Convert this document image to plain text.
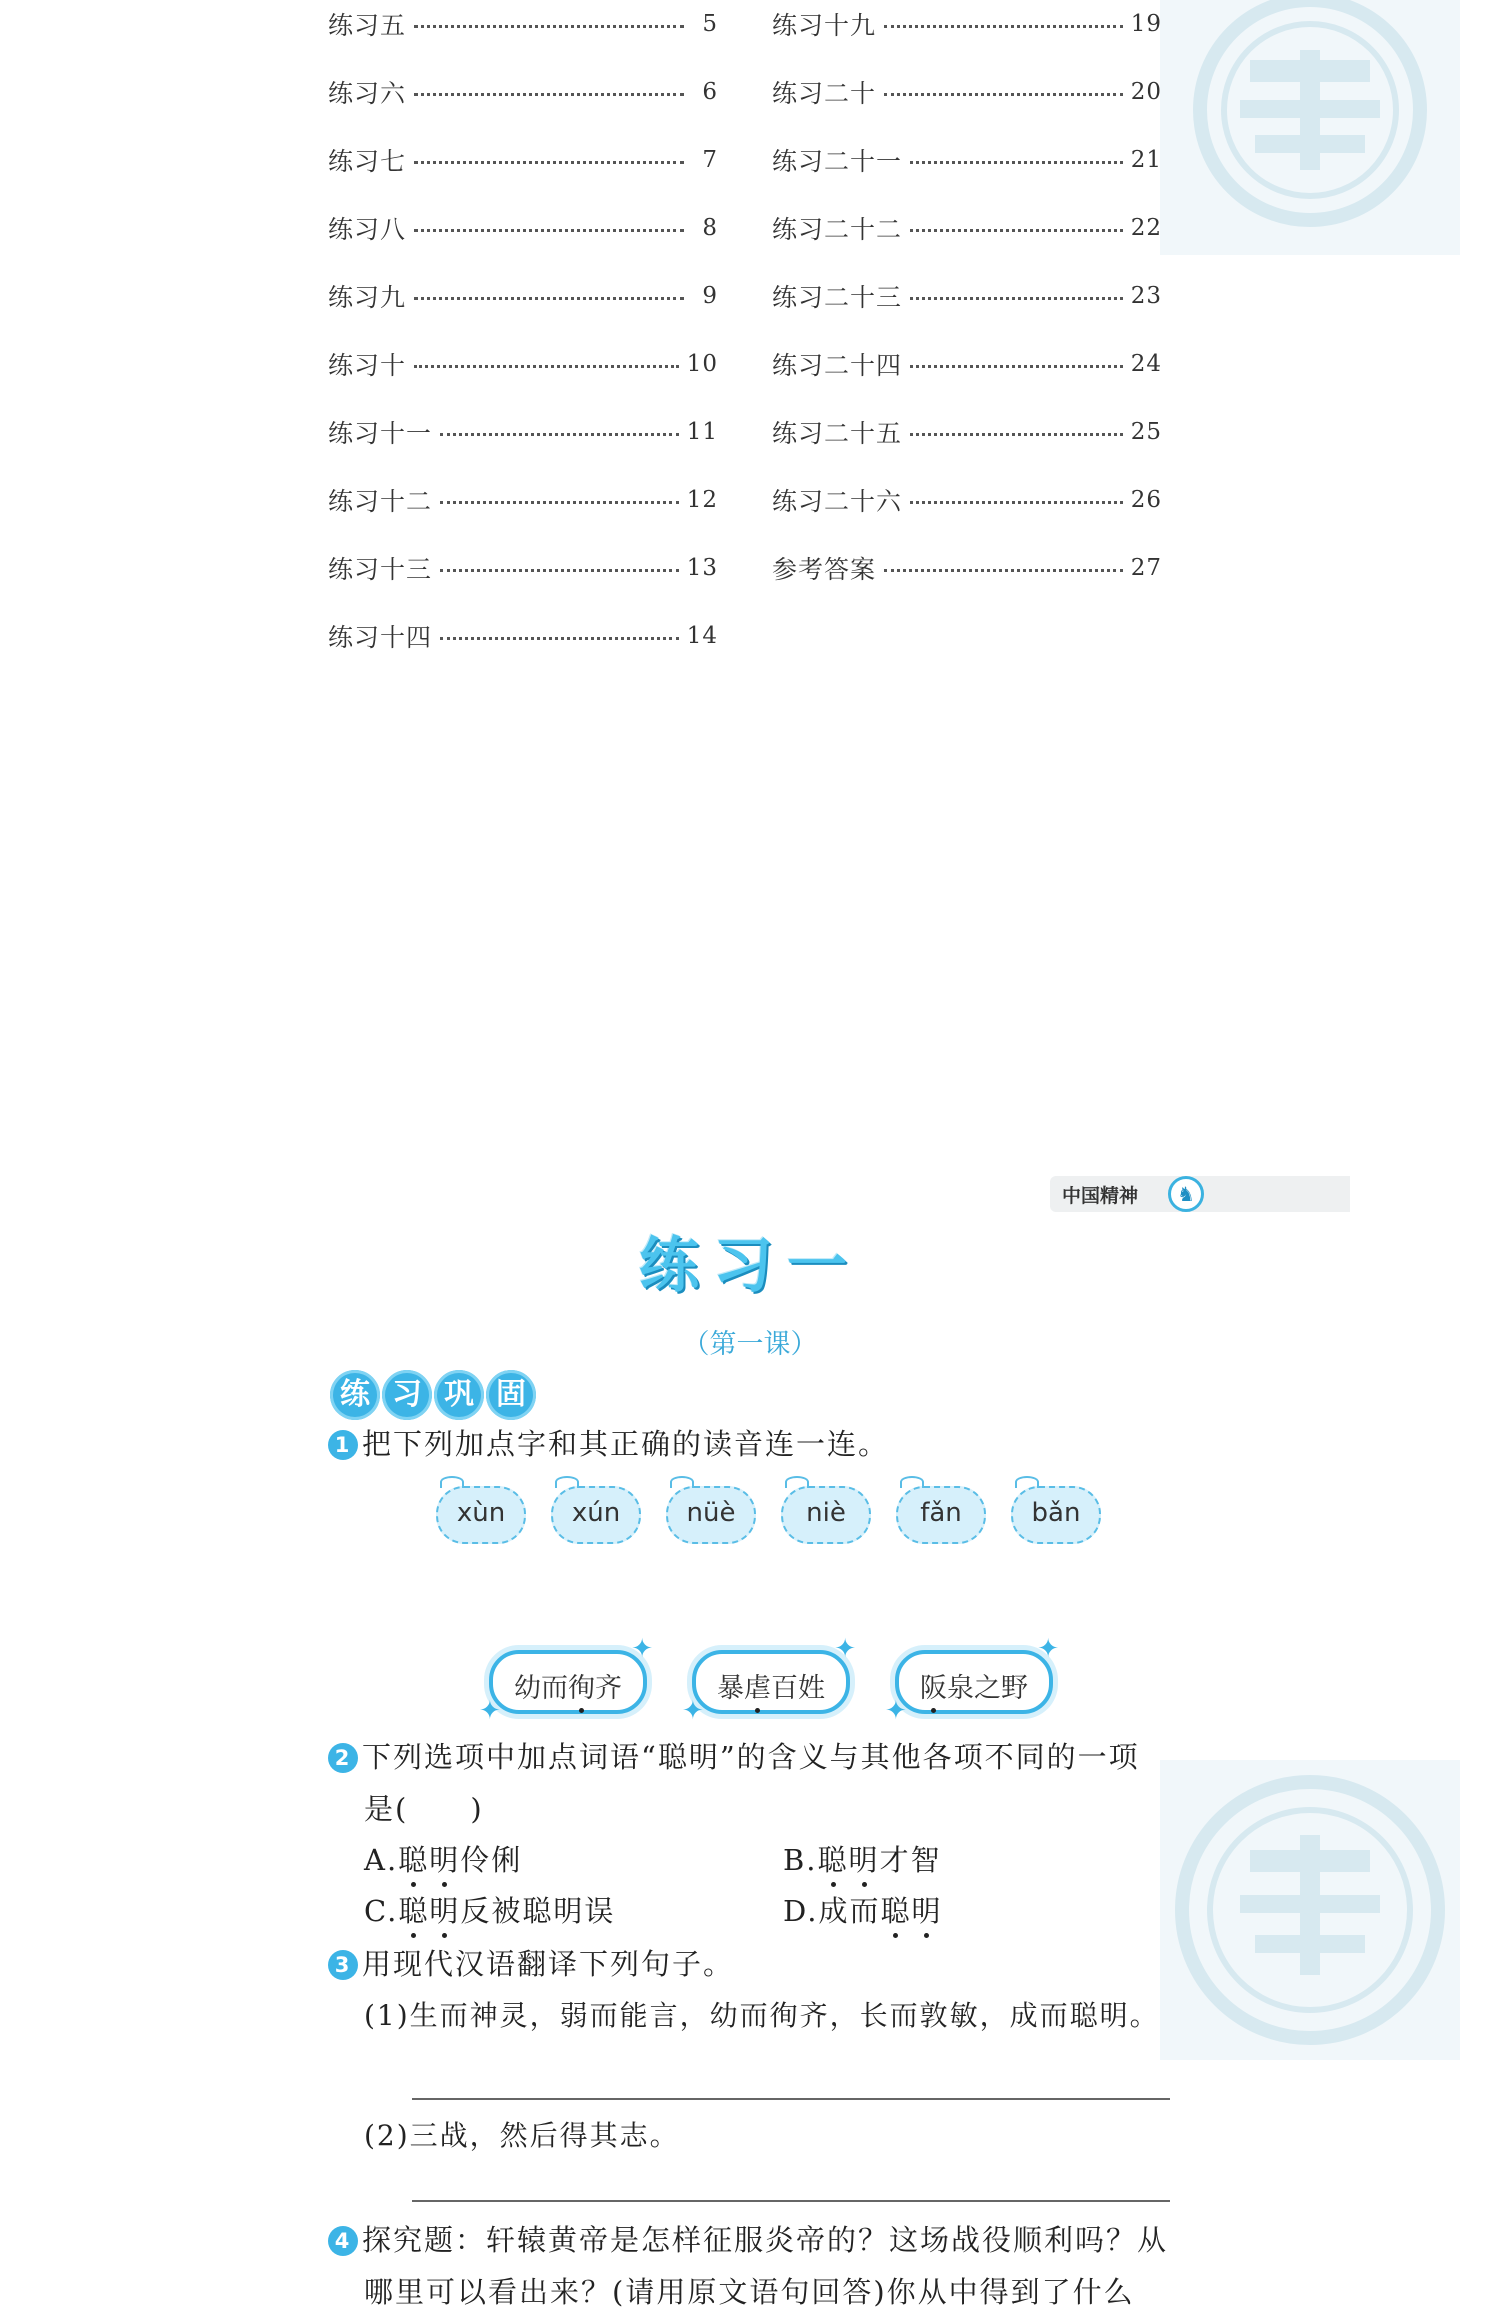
练习五	5
练习六	6
练习七	7
练习八	8
练习九	9
练习十	10
练习十一	11
练习十二	12
练习十三	13
练习十四	14
练习十九	19
练习二十	20
练习二十一	21
练习二十二	22
练习二十三	23
练习二十四	24
练习二十五	25
练习二十六	26
参考答案	27
中国精神	♞
练习一
（第一课）
练 习 巩 固
1 把下列加点字和其正确的读音连一连。
xùn	xún	nüè	niè	fǎn	bǎn
✦
✦
幼而徇齐
✦
✦
暴虐百姓
✦
✦
阪泉之野
2 下列选项中加点词语“聪明”的含义与其他各项不同的一项
是(　　)
A.聪明伶俐	B.聪明才智
C.聪明反被聪明误	D.成而聪明
3 用现代汉语翻译下列句子。
(1)生而神灵，弱而能言，幼而徇齐，长而敦敏，成而聪明。
(2)三战，然后得其志。
4 探究题：轩辕黄帝是怎样征服炎帝的？这场战役顺利吗？从
哪里可以看出来？(请用原文语句回答)你从中得到了什么
